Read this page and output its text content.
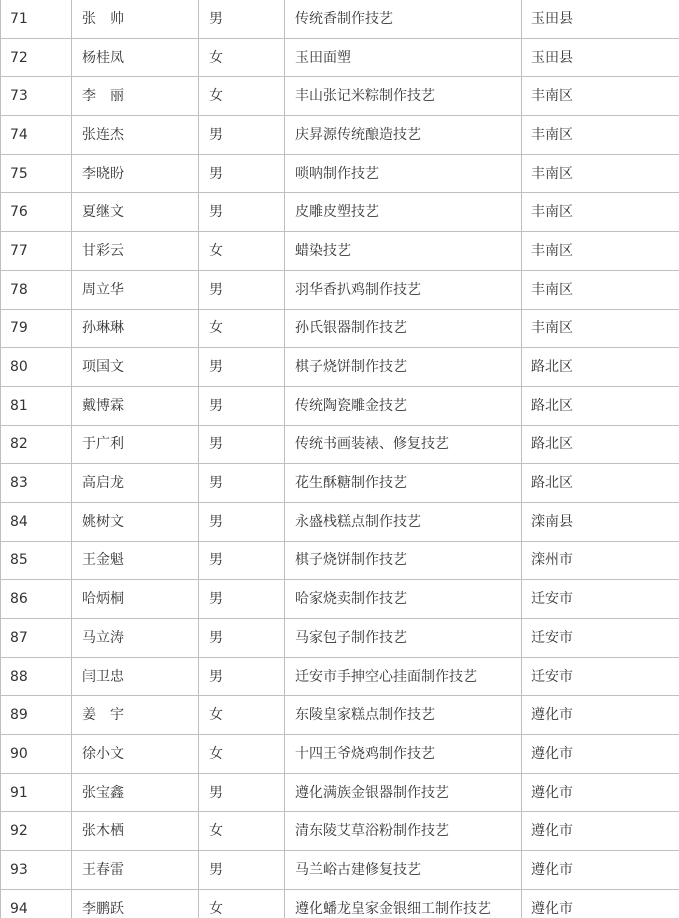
71	张　帅	男	传统香制作技艺	玉田县
72	杨桂凤	女	玉田面塑	玉田县
73	李　丽	女	丰山张记米粽制作技艺	丰南区
74	张连杰	男	庆昇源传统酿造技艺	丰南区
75	李晓盼	男	唢呐制作技艺	丰南区
76	夏继文	男	皮雕皮塑技艺	丰南区
77	甘彩云	女	蜡染技艺	丰南区
78	周立华	男	羽华香扒鸡制作技艺	丰南区
79	孙琳琳	女	孙氏银器制作技艺	丰南区
80	项国文	男	棋子烧饼制作技艺	路北区
81	戴博霖	男	传统陶瓷雕金技艺	路北区
82	于广利	男	传统书画装裱、修复技艺	路北区
83	高启龙	男	花生酥糖制作技艺	路北区
84	姚树文	男	永盛栈糕点制作技艺	滦南县
85	王金魁	男	棋子烧饼制作技艺	滦州市
86	哈炳桐	男	哈家烧卖制作技艺	迁安市
87	马立涛	男	马家包子制作技艺	迁安市
88	闫卫忠	男	迁安市手抻空心挂面制作技艺	迁安市
89	姜　宇	女	东陵皇家糕点制作技艺	遵化市
90	徐小文	女	十四王爷烧鸡制作技艺	遵化市
91	张宝鑫	男	遵化满族金银器制作技艺	遵化市
92	张木栖	女	清东陵艾草浴粉制作技艺	遵化市
93	王春雷	男	马兰峪古建修复技艺	遵化市
94	李鹏跃	女	遵化蟠龙皇家金银细工制作技艺	遵化市
